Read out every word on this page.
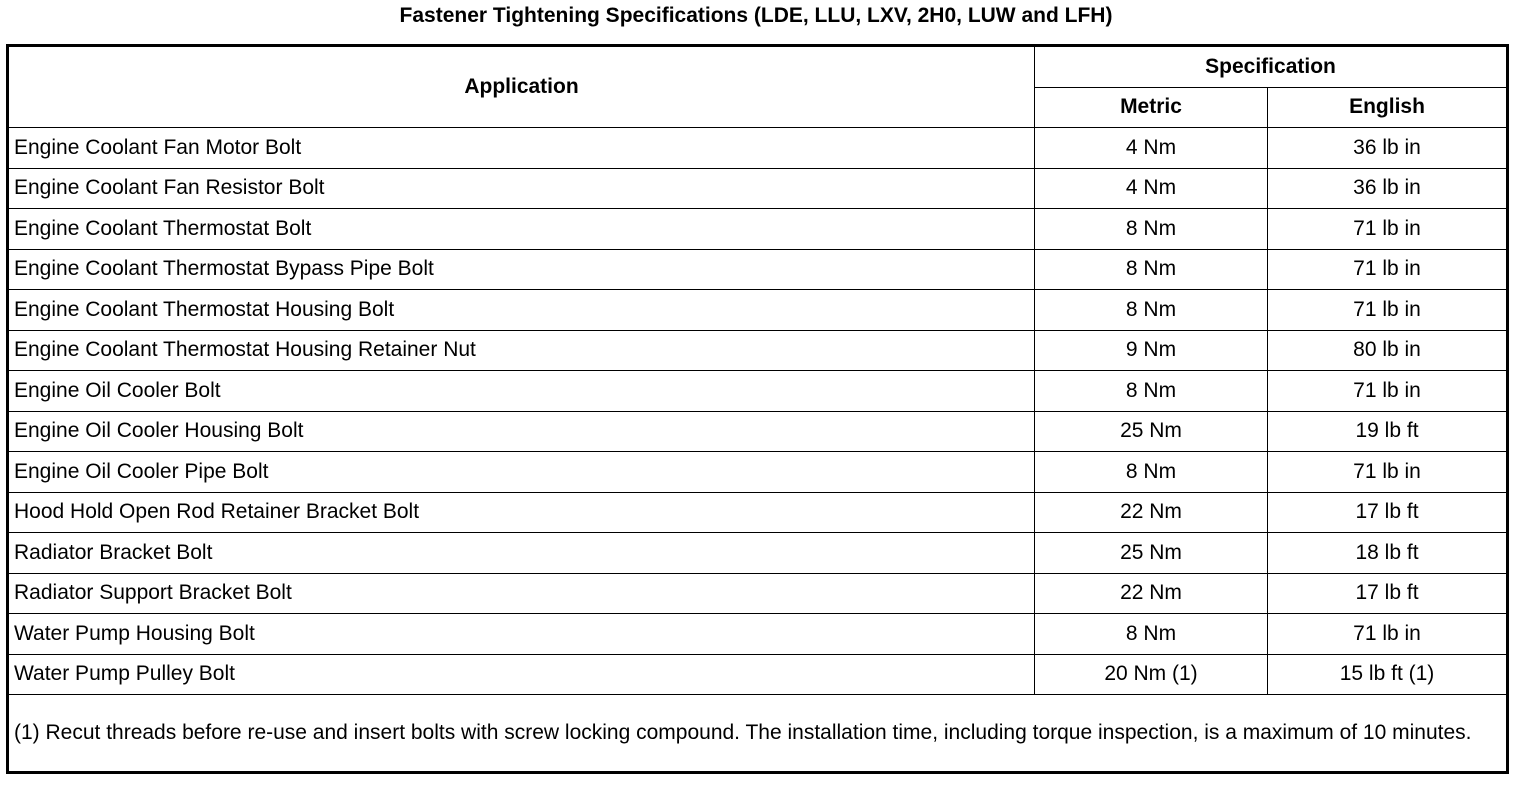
Fastener Tightening Specifications (LDE, LLU, LXV, 2H0, LUW and LFH)
Application	Specification	
	Metric	English
Engine Coolant Fan Motor Bolt	4 Nm	36 lb in
Engine Coolant Fan Resistor Bolt	4 Nm	36 lb in
Engine Coolant Thermostat Bolt	8 Nm	71 lb in
Engine Coolant Thermostat Bypass Pipe Bolt	8 Nm	71 lb in
Engine Coolant Thermostat Housing Bolt	8 Nm	71 lb in
Engine Coolant Thermostat Housing Retainer Nut	9 Nm	80 lb in
Engine Oil Cooler Bolt	8 Nm	71 lb in
Engine Oil Cooler Housing Bolt	25 Nm	19 lb ft
Engine Oil Cooler Pipe Bolt	8 Nm	71 lb in
Hood Hold Open Rod Retainer Bracket Bolt	22 Nm	17 lb ft
Radiator Bracket Bolt	25 Nm	18 lb ft
Radiator Support Bracket Bolt	22 Nm	17 lb ft
Water Pump Housing Bolt	8 Nm	71 lb in
Water Pump Pulley Bolt	20 Nm (1)	15 lb ft (1)
(1) Recut threads before re-use and insert bolts with screw locking compound. The installation time, including torque inspection, is a maximum of 10 minutes.		
